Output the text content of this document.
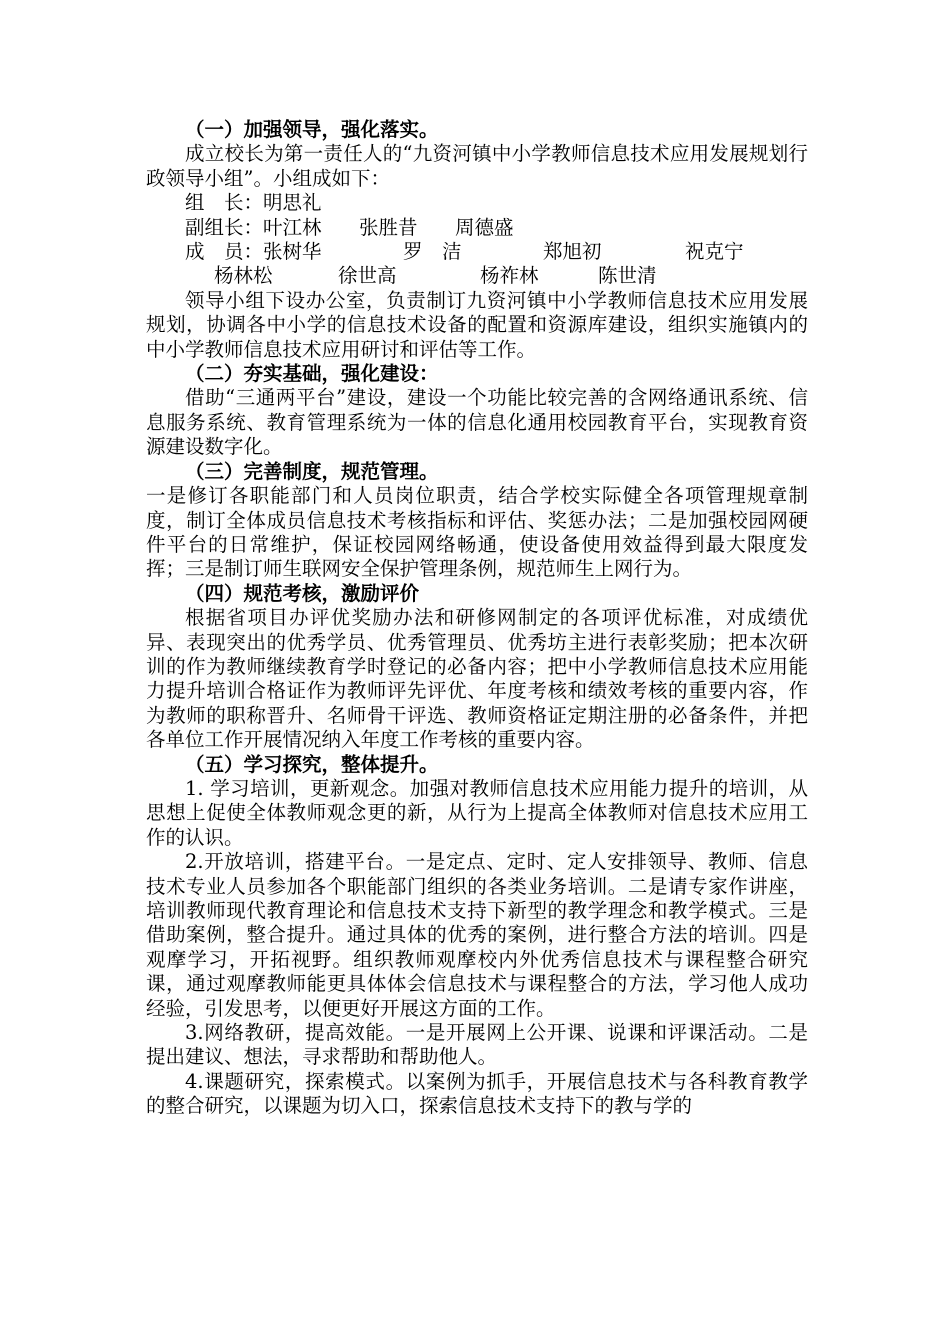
（一）加强领导，强化落实。

成立校长为第一责任人的“九资河镇中小学教师信息技术应用发展规划行政领导小组”。小组成如下：

组　长： 明思礼
副组长： 叶江林	张胜昔	周德盛
成　员： 张树华	罗　洁	郑旭初	祝克宁
杨林松	徐世高	杨祚林	陈世清

领导小组下设办公室，负责制订九资河镇中小学教师信息技术应用发展规划，协调各中小学的信息技术设备的配置和资源库建设，组织实施镇内的中小学教师信息技术应用研讨和评估等工作。

（二）夯实基础，强化建设：

借助“三通两平台”建设，建设一个功能比较完善的含网络通讯系统、信息服务系统、教育管理系统为一体的信息化通用校园教育平台，实现教育资源建设数字化。

（三）完善制度，规范管理。

一是修订各职能部门和人员岗位职责，结合学校实际健全各项管理规章制度，制订全体成员信息技术考核指标和评估、奖惩办法；二是加强校园网硬件平台的日常维护，保证校园网络畅通，使设备使用效益得到最大限度发挥；三是制订师生联网安全保护管理条例，规范师生上网行为。

（四）规范考核，激励评价

根据省项目办评优奖励办法和研修网制定的各项评优标准，对成绩优异、表现突出的优秀学员、优秀管理员、优秀坊主进行表彰奖励；把本次研训的作为教师继续教育学时登记的必备内容；把中小学教师信息技术应用能力提升培训合格证作为教师评先评优、年度考核和绩效考核的重要内容，作为教师的职称晋升、名师骨干评选、教师资格证定期注册的必备条件，并把各单位工作开展情况纳入年度工作考核的重要内容。

（五）学习探究，整体提升。

1. 学习培训，更新观念。加强对教师信息技术应用能力提升的培训，从思想上促使全体教师观念更的新，从行为上提高全体教师对信息技术应用工作的认识。

2.开放培训，搭建平台。一是定点、定时、定人安排领导、教师、信息技术专业人员参加各个职能部门组织的各类业务培训。二是请专家作讲座，培训教师现代教育理论和信息技术支持下新型的教学理念和教学模式。三是借助案例，整合提升。通过具体的优秀的案例，进行整合方法的培训。四是观摩学习，开拓视野。组织教师观摩校内外优秀信息技术与课程整合研究课，通过观摩教师能更具体体会信息技术与课程整合的方法，学习他人成功经验，引发思考，以便更好开展这方面的工作。

3.网络教研，提高效能。一是开展网上公开课、说课和评课活动。二是提出建议、想法，寻求帮助和帮助他人。

4.课题研究，探索模式。以案例为抓手，开展信息技术与各科教育教学的整合研究，以课题为切入口，探索信息技术支持下的教与学的
